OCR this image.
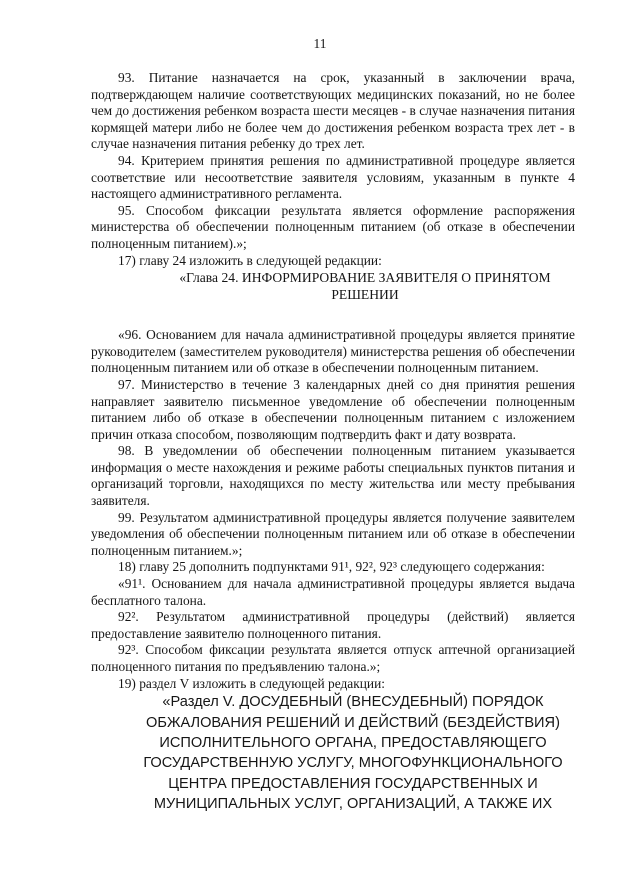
11

93. Питание назначается на срок, указанный в заключении врача, подтверждающем наличие соответствующих медицинских показаний, но не более чем до достижения ребенком возраста шести месяцев - в случае назначения питания кормящей матери либо не более чем до достижения ребенком возраста трех лет - в случае назначения питания ребенку до трех лет.

94. Критерием принятия решения по административной процедуре является соответствие или несоответствие заявителя условиям, указанным в пункте 4 настоящего административного регламента.

95. Способом фиксации результата является оформление распоряжения министерства об обеспечении полноценным питанием (об отказе в обеспечении полноценным питанием).»;

17) главу 24 изложить в следующей редакции:

«Глава 24. ИНФОРМИРОВАНИЕ ЗАЯВИТЕЛЯ О ПРИНЯТОМ РЕШЕНИИ

«96. Основанием для начала административной процедуры является принятие руководителем (заместителем руководителя) министерства решения об обеспечении полноценным питанием или об отказе в обеспечении полноценным питанием.

97. Министерство в течение 3 календарных дней со дня принятия решения направляет заявителю письменное уведомление об обеспечении полноценным питанием либо об отказе в обеспечении полноценным питанием с изложением причин отказа способом, позволяющим подтвердить факт и дату возврата.

98. В уведомлении об обеспечении полноценным питанием указывается информация о месте нахождения и режиме работы специальных пунктов питания и организаций торговли, находящихся по месту жительства или месту пребывания заявителя.

99. Результатом административной процедуры является получение заявителем уведомления об обеспечении полноценным питанием или об отказе в обеспечении полноценным питанием.»;

18) главу 25 дополнить подпунктами 91¹, 92², 92³ следующего содержания:

«91¹. Основанием для начала административной процедуры является выдача бесплатного талона.

92². Результатом административной процедуры (действий) является предоставление заявителю полноценного питания.

92³. Способом фиксации результата является отпуск аптечной организацией полноценного питания по предъявлению талона.»;

19) раздел V изложить в следующей редакции:

«Раздел V. ДОСУДЕБНЫЙ (ВНЕСУДЕБНЫЙ) ПОРЯДОК ОБЖАЛОВАНИЯ РЕШЕНИЙ И ДЕЙСТВИЙ (БЕЗДЕЙСТВИЯ) ИСПОЛНИТЕЛЬНОГО ОРГАНА, ПРЕДОСТАВЛЯЮЩЕГО ГОСУДАРСТВЕННУЮ УСЛУГУ, МНОГОФУНКЦИОНАЛЬНОГО ЦЕНТРА ПРЕДОСТАВЛЕНИЯ ГОСУДАРСТВЕННЫХ И МУНИЦИПАЛЬНЫХ УСЛУГ, ОРГАНИЗАЦИЙ, А ТАКЖЕ ИХ
